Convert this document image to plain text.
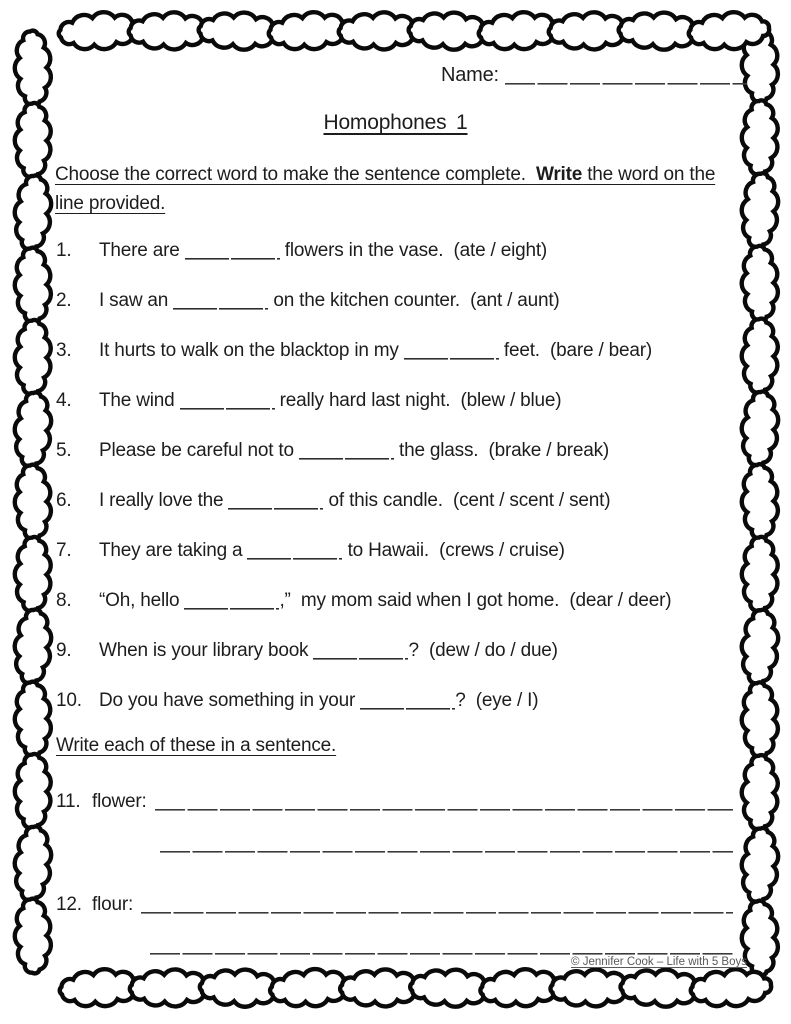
Name:
Homophones 1
Choose the correct word to make the sentence complete.  Write the word on the
line provided.
1. There are	flowers in the vase.  (ate / eight)
2. I saw an	on the kitchen counter.  (ant / aunt)
3. It hurts to walk on the blacktop in my	feet.  (bare / bear)
4. The wind	really hard last night.  (blew / blue)
5. Please be careful not to	the glass.  (brake / break)
6. I really love the	of this candle.  (cent / scent / sent)
7. They are taking a	to Hawaii.  (crews / cruise)
8. “Oh, hello	,”  my mom said when I got home.  (dear / deer)
9. When is your library book	?  (dew / do / due)
10. Do you have something in your	?  (eye / I)
Write each of these in a sentence.
11. flower:
12. flour:
© Jennifer Cook – Life with 5 Boys
